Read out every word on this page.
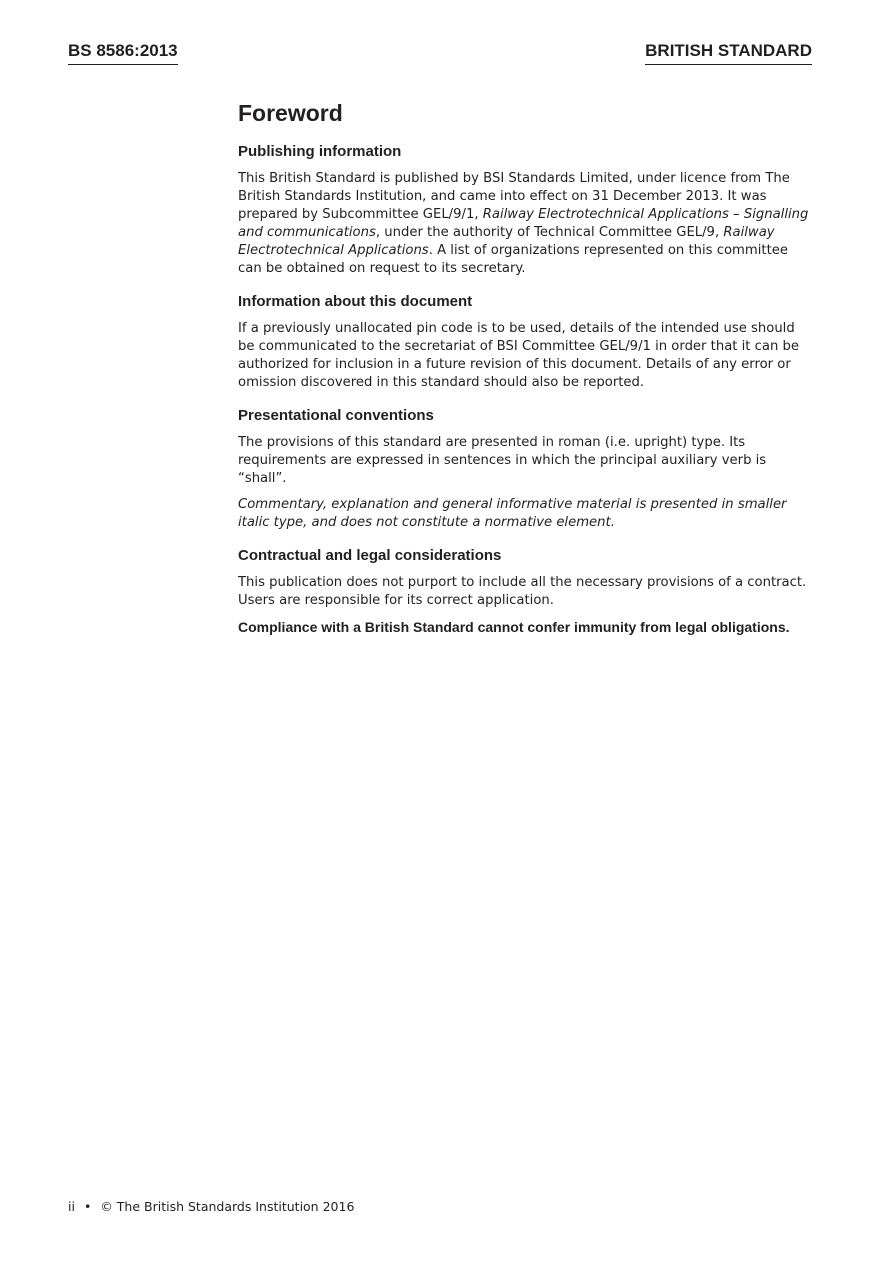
BS 8586:2013	BRITISH STANDARD
Foreword
Publishing information

This British Standard is published by BSI Standards Limited, under licence from The British Standards Institution, and came into effect on 31 December 2013. It was prepared by Subcommittee GEL/9/1, Railway Electrotechnical Applications – Signalling and communications, under the authority of Technical Committee GEL/9, Railway Electrotechnical Applications. A list of organizations represented on this committee can be obtained on request to its secretary.

Information about this document

If a previously unallocated pin code is to be used, details of the intended use should be communicated to the secretariat of BSI Committee GEL/9/1 in order that it can be authorized for inclusion in a future revision of this document. Details of any error or omission discovered in this standard should also be reported.

Presentational conventions

The provisions of this standard are presented in roman (i.e. upright) type. Its requirements are expressed in sentences in which the principal auxiliary verb is “shall”.

Commentary, explanation and general informative material is presented in smaller italic type, and does not constitute a normative element.

Contractual and legal considerations

This publication does not purport to include all the necessary provisions of a contract. Users are responsible for its correct application.

Compliance with a British Standard cannot confer immunity from legal obligations.

ii • © The British Standards Institution 2016
